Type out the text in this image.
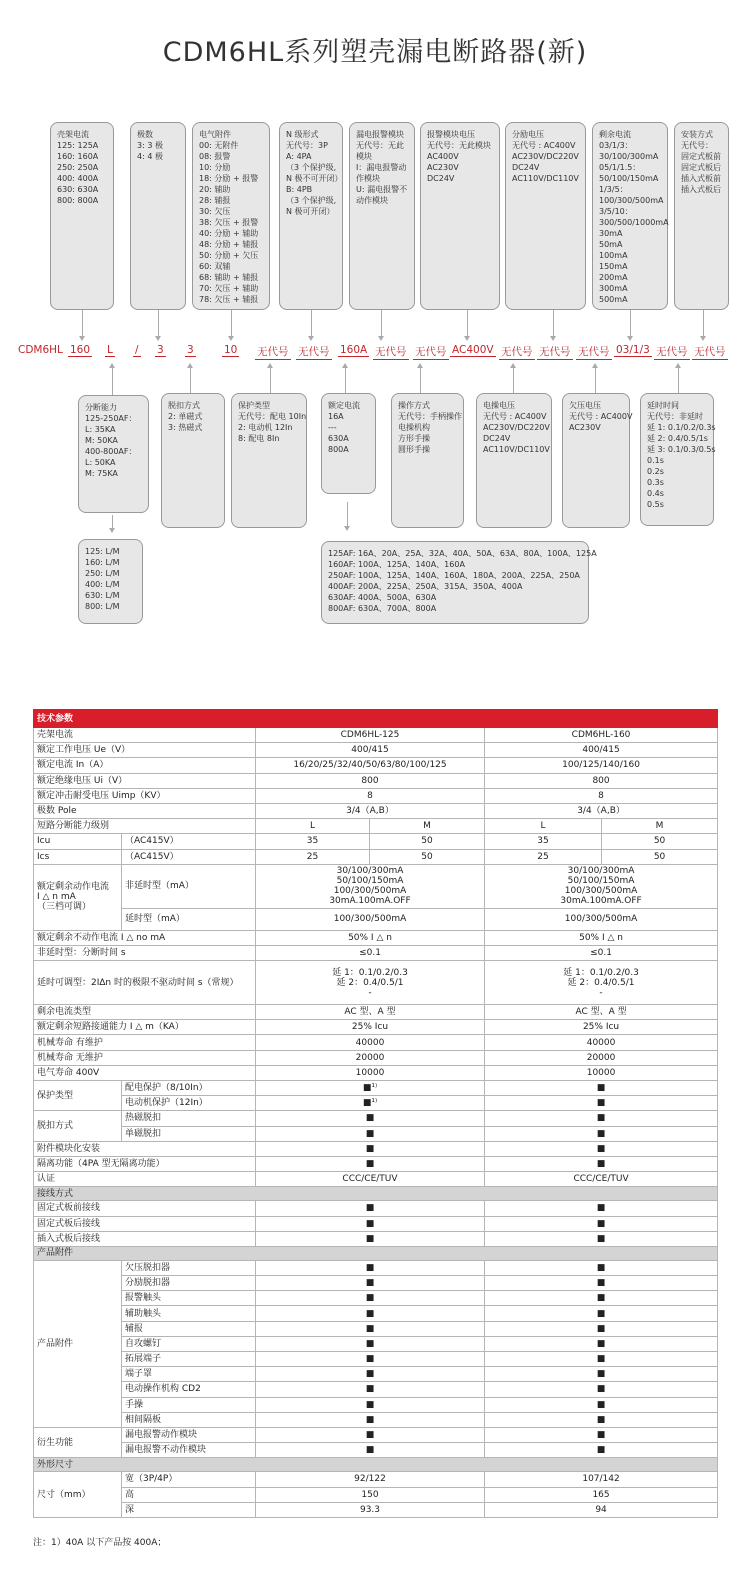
CDM6HL系列塑壳漏电断路器(新)
壳架电流
125: 125A
160: 160A
250: 250A
400: 400A
630: 630A
800: 800A
极数
3: 3 极
4: 4 极
电气附件
00: 无附件
08: 报警
10: 分励
18: 分励 + 报警
20: 辅助
28: 辅报
30: 欠压
38: 欠压 + 报警
40: 分励 + 辅助
48: 分励 + 辅报
50: 分励 + 欠压
60: 双辅
68: 辅助 + 辅报
70: 欠压 + 辅助
78: 欠压 + 辅报
N 级形式
无代号：3P
A: 4PA
（3 个保护级,
N 极不可开闭）
B: 4PB
（3 个保护级,
N 极可开闭）
漏电报警模块
无代号：无此
模块
I：漏电报警动
作模块
U: 漏电报警不
动作模块
报警模块电压
无代号：无此模块
AC400V
AC230V
DC24V
分励电压
无代号 : AC400V
AC230V/DC220V
DC24V
AC110V/DC110V
剩余电流
03/1/3：
30/100/300mA
05/1/1.5：
50/100/150mA
1/3/5：
100/300/500mA
3/5/10：
300/500/1000mA
30mA
50mA
100mA
150mA
200mA
300mA
500mA
安装方式
无代号：
固定式板前
固定式板后
插入式板前
插入式板后
CDM6HL 160 L / 3 3	10 无代号 无代号 160A 无代号 无代号 AC400V 无代号 无代号 无代号 03/1/3 无代号 无代号
分断能力
125-250AF：
L: 35KA
M: 50KA
400-800AF：
L: 50KA
M: 75KA
脱扣方式
2: 单磁式
3: 热磁式
保护类型
无代号：配电 10In
2: 电动机 12In
8: 配电 8In
额定电流
16A
---
630A
800A
操作方式
无代号：手柄操作
电操机构
方形手操
圆形手操
电操电压
无代号 : AC400V
AC230V/DC220V
DC24V
AC110V/DC110V
欠压电压
无代号 : AC400V
AC230V
延时时间
无代号：非延时
延 1: 0.1/0.2/0.3s
延 2: 0.4/0.5/1s
延 3: 0.1/0.3/0.5s
0.1s
0.2s
0.3s
0.4s
0.5s
125: L/M
160: L/M
250: L/M
400: L/M
630: L/M
800: L/M
125AF: 16A、20A、25A、32A、40A、50A、63A、80A、100A、125A
160AF: 100A、125A、140A、160A
250AF: 100A、125A、140A、160A、180A、200A、225A、250A
400AF: 200A、225A、250A、315A、350A、400A
630AF: 400A、500A、630A
800AF: 630A、700A、800A
技术参数					
壳架电流		CDM6HL-125		CDM6HL-160	
额定工作电压 Ue（V）		400/415		400/415	
额定电流 In（A）		16/20/25/32/40/50/63/80/100/125		100/125/140/160	
额定绝缘电压 Ui（V）		800		800	
额定冲击耐受电压 Uimp（KV）		8		8	
极数 Pole		3/4（A,B）		3/4（A,B）	
短路分断能力级别		L	M	L	M
Icu	（AC415V）	35	50	35	50
Ics	（AC415V）	25	50	25	50
额定剩余动作电流
I △ n mA
（三档可调）	非延时型（mA）	30/100/300mA
50/100/150mA
100/300/500mA
30mA.100mA.OFF		30/100/300mA
50/100/150mA
100/300/500mA
30mA.100mA.OFF	
	延时型（mA）	100/300/500mA		100/300/500mA	
额定剩余不动作电流 I △ no mA		50% I △ n		50% I △ n	
非延时型：分断时间 s		≤0.1		≤0.1	
延时可调型：2I∆n 时的极限不驱动时间 s（常规）		延 1：0.1/0.2/0.3
延 2：0.4/0.5/1
-		延 1：0.1/0.2/0.3
延 2：0.4/0.5/1
-	
剩余电流类型		AC 型、A 型		AC 型、A 型	
额定剩余短路接通能力 I △ m（KA）		25% Icu		25% Icu	
机械寿命 有维护		40000		40000	
机械寿命 无维护		20000		20000	
电气寿命 400V		10000		10000	
保护类型	配电保护（8/10In）	■¹⁾		■	
	电动机保护（12In）	■¹⁾		■	
脱扣方式	热磁脱扣	■		■	
	单磁脱扣	■		■	
附件模块化安装		■		■	
隔离功能（4PA 型无隔离功能）		■		■	
认证		CCC/CE/TUV		CCC/CE/TUV	
接线方式					
固定式板前接线		■		■	
固定式板后接线		■		■	
插入式板后接线		■		■	
产品附件					
产品附件	欠压脱扣器	■		■	
	分励脱扣器	■		■	
	报警触头	■		■	
	辅助触头	■		■	
	辅报	■		■	
	自攻螺钉	■		■	
	拓展端子	■		■	
	端子罩	■		■	
	电动操作机构 CD2	■		■	
	手操	■		■	
	相间隔板	■		■	
衍生功能	漏电报警动作模块	■		■	
	漏电报警不动作模块	■		■	
外形尺寸					
尺寸（mm）	宽（3P/4P）	92/122		107/142	
	高	150		165	
	深	93.3		94	
注：1）40A 以下产品按 400A；
